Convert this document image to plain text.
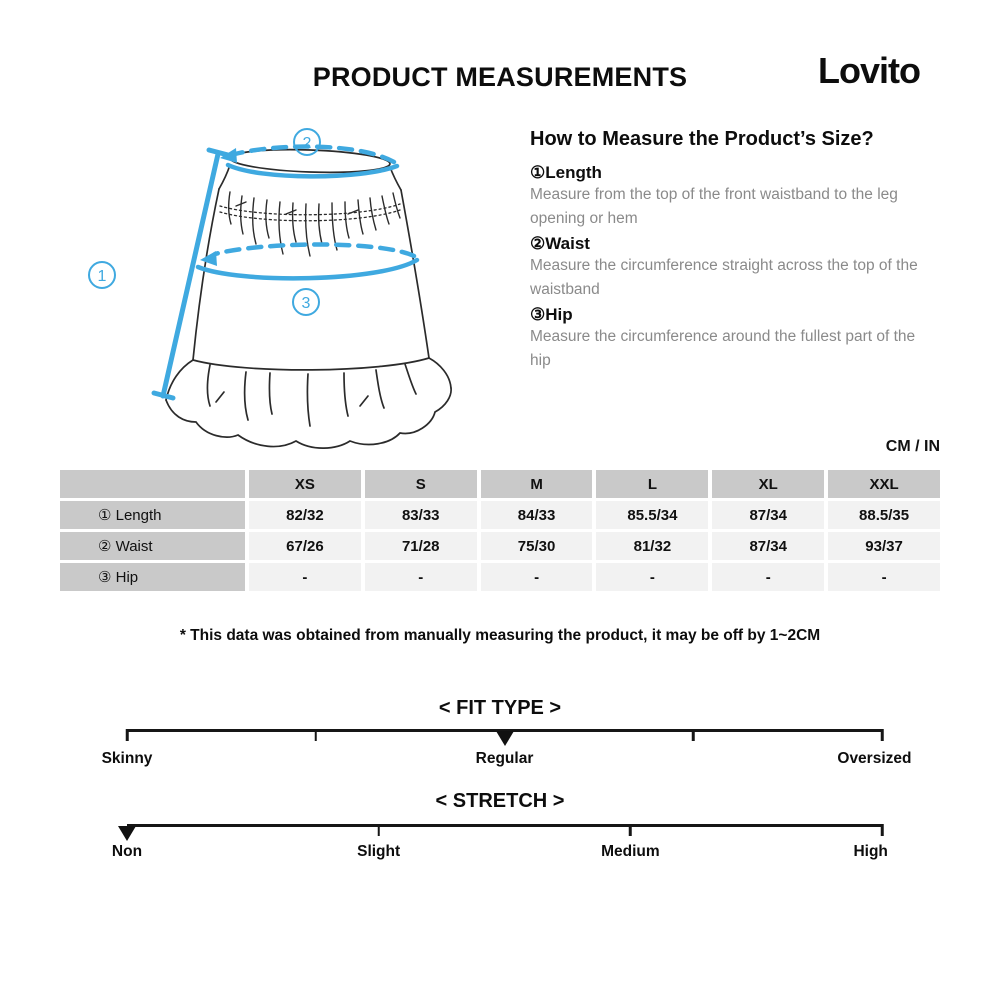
PRODUCT MEASUREMENTS	Lovito
1
2
3
How to Measure the Product’s Size?
①Length
Measure from the top of the front waistband to the leg opening or hem
②Waist
Measure the circumference straight across the top of the waistband
③Hip
Measure the circumference around the fullest part of the hip
CM / IN
	XS	S	M	L	XL	XXL
① Length	82/32	83/33	84/33	85.5/34	87/34	88.5/35
② Waist	67/26	71/28	75/30	81/32	87/34	93/37
③ Hip	-	-	-	-	-	-
* This data was obtained from manually measuring the product, it may be off by 1~2CM
< FIT TYPE >
Skinny	Regular	Oversized
< STRETCH >
Non	Slight	Medium	High
